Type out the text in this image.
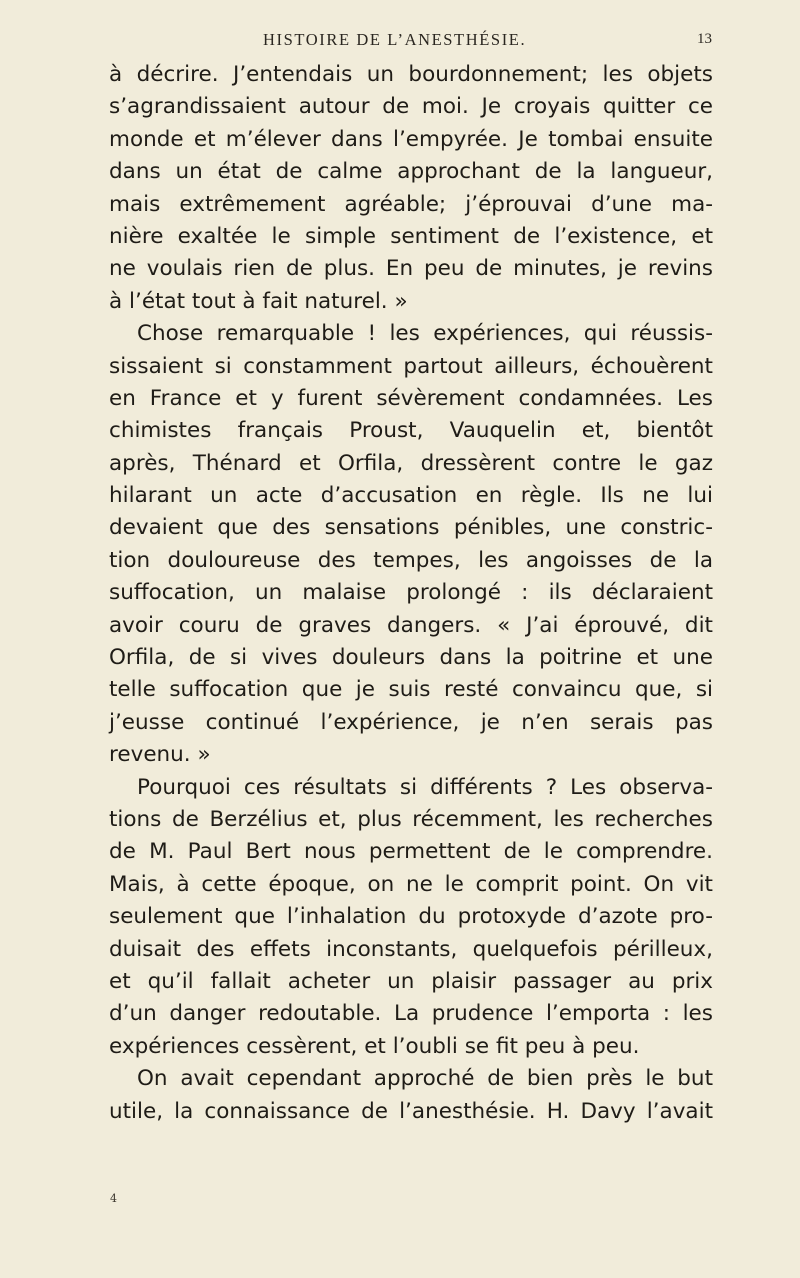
HISTOIRE DE L’ANESTHÉSIE.	13
à décrire. J’entendais un bourdonnement; les objets
s’agrandissaient autour de moi. Je croyais quitter ce
monde et m’élever dans l’empyrée. Je tombai ensuite
dans un état de calme approchant de la langueur,
mais extrêmement agréable; j’éprouvai d’une ma-
nière exaltée le simple sentiment de l’existence, et
ne voulais rien de plus. En peu de minutes, je revins
à l’état tout à fait naturel. »
Chose remarquable ! les expériences, qui réussis-
sissaient si constamment partout ailleurs, échouèrent
en France et y furent sévèrement condamnées. Les
chimistes français Proust, Vauquelin et, bientôt
après, Thénard et Orfila, dressèrent contre le gaz
hilarant un acte d’accusation en règle. Ils ne lui
devaient que des sensations pénibles, une constric-
tion douloureuse des tempes, les angoisses de la
suffocation, un malaise prolongé : ils déclaraient
avoir couru de graves dangers. « J’ai éprouvé, dit
Orfila, de si vives douleurs dans la poitrine et une
telle suffocation que je suis resté convaincu que, si
j’eusse continué l’expérience, je n’en serais pas
revenu. »
Pourquoi ces résultats si différents ? Les observa-
tions de Berzélius et, plus récemment, les recherches
de M. Paul Bert nous permettent de le comprendre.
Mais, à cette époque, on ne le comprit point. On vit
seulement que l’inhalation du protoxyde d’azote pro-
duisait des effets inconstants, quelquefois périlleux,
et qu’il fallait acheter un plaisir passager au prix
d’un danger redoutable. La prudence l’emporta : les
expériences cessèrent, et l’oubli se fit peu à peu.
On avait cependant approché de bien près le but
utile, la connaissance de l’anesthésie. H. Davy l’avait
4
